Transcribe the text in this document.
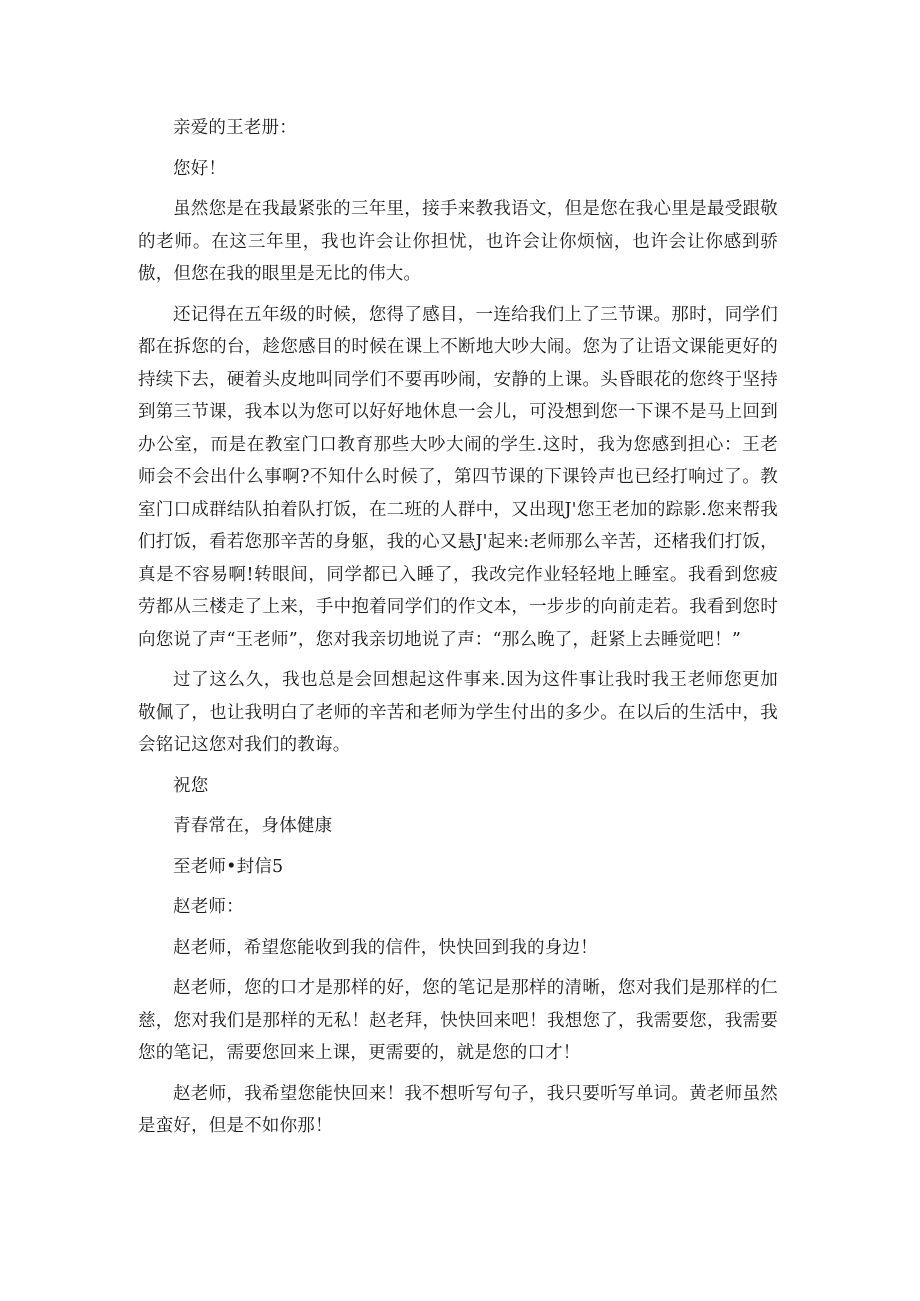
亲爱的王老册：

您好！

虽然您是在我最紧张的三年里，接手来教我语文，但是您在我心里是最受跟敬的老师。在这三年里，我也许会让你担忧，也许会让你烦恼，也许会让你感到骄傲，但您在我的眼里是无比的伟大。

还记得在五年级的时候，您得了感目，一连给我们上了三节课。那时，同学们都在拆您的台，趁您感目的时候在课上不断地大吵大闹。您为了让语文课能更好的持续下去，硬着头皮地叫同学们不要再吵闹，安静的上课。头昏眼花的您终于坚持到第三节课，我本以为您可以好好地休息一会儿，可没想到您一下课不是马上回到办公室，而是在教室门口教育那些大吵大闹的学生.这时，我为您感到担心：王老师会不会出什么事啊?不知什么时候了，第四节课的下课铃声也已经打响过了。教室门口成群结队拍着队打饭，在二班的人群中，又出现J'您王老加的踪影.您来帮我们打饭，看若您那辛苦的身躯，我的心又悬J'起来:老师那么辛苦，还楮我们打饭，真是不容易啊!转眼间，同学都已入睡了，我改完作业轻轻地上睡室。我看到您疲劳都从三楼走了上来，手中抱着同学们的作文本，一步步的向前走若。我看到您时向您说了声“王老师”，您对我亲切地说了声：“那么晚了，赶紧上去睡觉吧！”

过了这么久，我也总是会回想起这件事来.因为这件事让我时我王老师您更加敬佩了，也让我明白了老师的辛苦和老师为学生付出的多少。在以后的生活中，我会铭记这您对我们的教诲。

祝您

青春常在，身体健康

至老师•封信5

赵老师：

赵老师，希望您能收到我的信件，快快回到我的身边！

赵老师，您的口才是那样的好，您的笔记是那样的清晰，您对我们是那样的仁慈，您对我们是那样的无私！赵老拜，快快回来吧！我想您了，我需要您，我需要您的笔记，需要您回来上课，更需要的，就是您的口才！

赵老师，我希望您能快回来！我不想听写句子，我只要听写单词。黄老师虽然是蛮好，但是不如你那！
